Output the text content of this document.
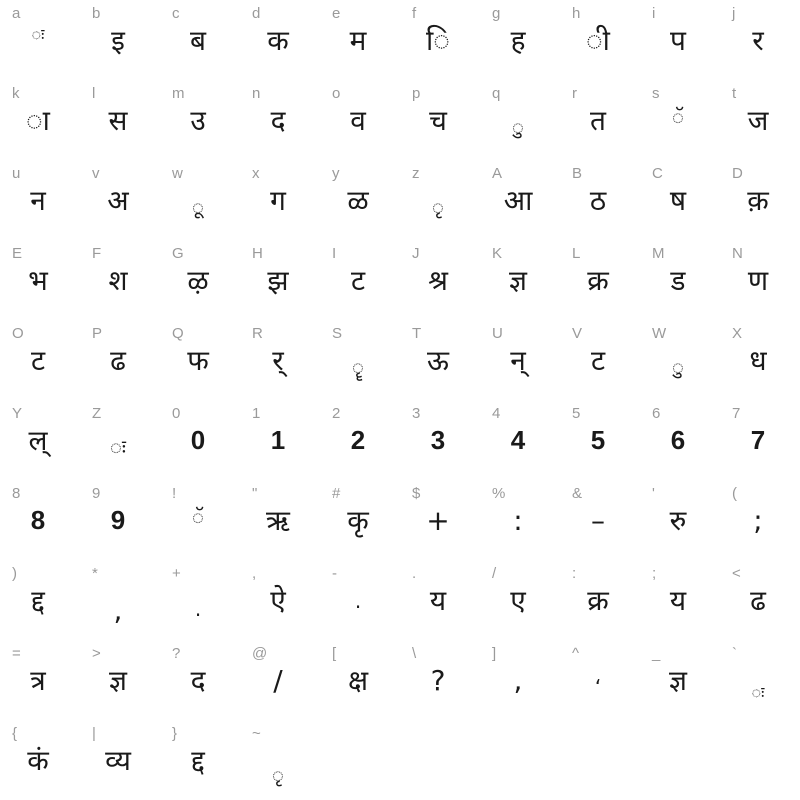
a
ः
b
इ
c
ब
d
क
e
म
f
ि
g
ह
h
ी
i
प
j
र
k
ा
l
स
m
उ
n
द
o
व
p
च
q
ु
r
त
s
ॅ
t
ज
u
न
v
अ
w
ू
x
ग
y
ळ
z
ृ
A
आ
B
ठ
C
ष
D
क़
E
भ
F
श
G
ऴ
H
झ
I
ट
J
श्र
K
ज्ञ
L
क्र
M
ड
N
ण
O
ट
P
ढ
Q
फ
R
र्
S
ॄ
T
ऊ
U
न्
V
ट
W
ु
X
ध
Y
ल्
Z
ः
0
0
1
1
2
2
3
3
4
4
5
5
6
6
7
7
8
8
9
9
!
ॅ
"
ऋ
#
कृ
$
+
%
:
&
–
'
रु
(
;
)
द्द
*
,
+
·
,
ऐ
-
·
.
य
/
ए
:
क्र
;
य
<
ढ
=
त्र
>
ज्ञ
?
द
@
/
[
क्ष
\
?
]
,
^
‘
_
ज्ञ
`
ः
{
कं
|
व्य
}
द्द
~
ृ
